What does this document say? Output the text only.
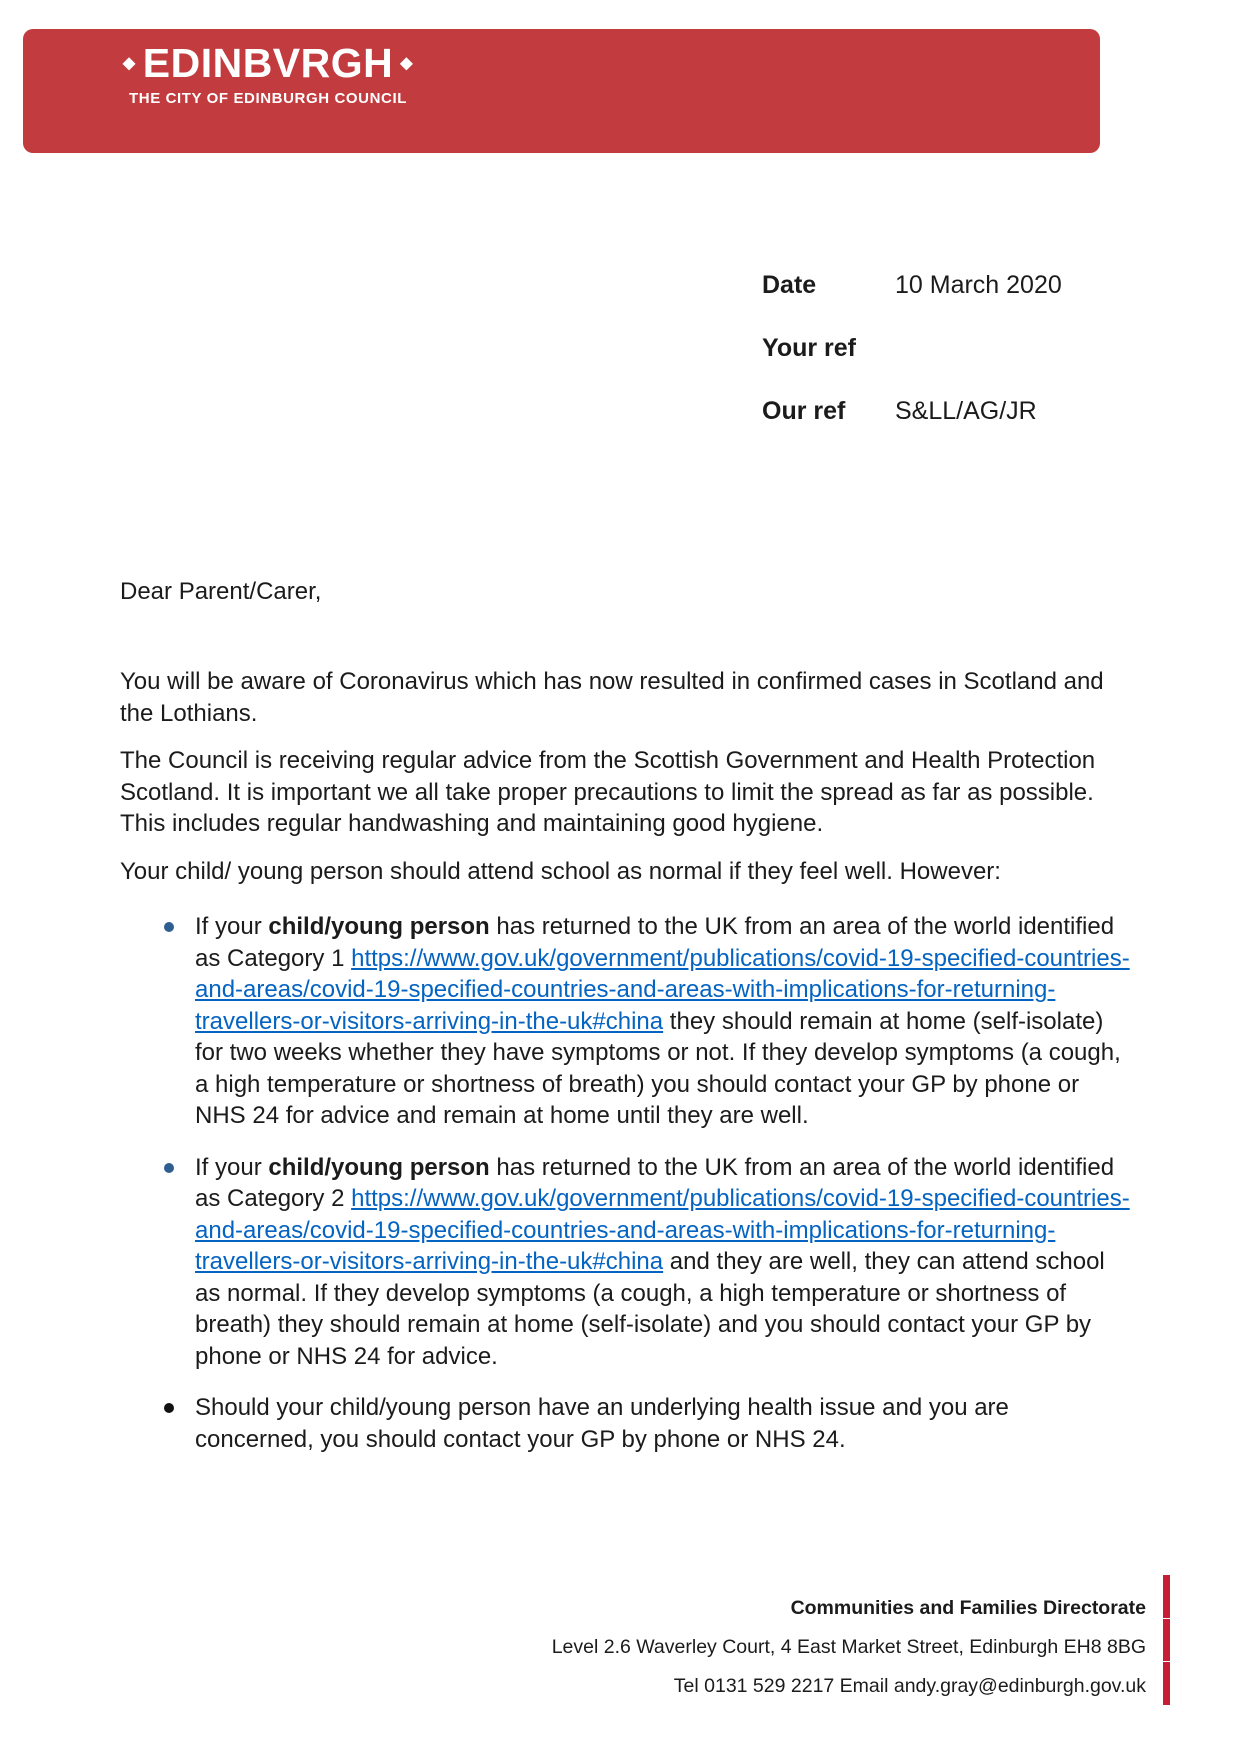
◆ EDINBVRGH ◆
THE CITY OF EDINBURGH COUNCIL
Date	10 March 2020
Your ref
Our ref	S&LL/AG/JR
Dear Parent/Carer,

You will be aware of Coronavirus which has now resulted in confirmed cases in Scotland and the Lothians.

The Council is receiving regular advice from the Scottish Government and Health Protection Scotland. It is important we all take proper precautions to limit the spread as far as possible. This includes regular handwashing and maintaining good hygiene.

Your child/ young person should attend school as normal if they feel well. However:

If your child/young person has returned to the UK from an area of the world identified as Category 1 https://www.gov.uk/government/publications/covid-19-specified-countries-and-areas/covid-19-specified-countries-and-areas-with-implications-for-returning-travellers-or-visitors-arriving-in-the-uk#china they should remain at home (self-isolate) for two weeks whether they have symptoms or not. If they develop symptoms (a cough, a high temperature or shortness of breath) you should contact your GP by phone or NHS 24 for advice and remain at home until they are well.
If your child/young person has returned to the UK from an area of the world identified as Category 2 https://www.gov.uk/government/publications/covid-19-specified-countries-and-areas/covid-19-specified-countries-and-areas-with-implications-for-returning-travellers-or-visitors-arriving-in-the-uk#china and they are well, they can attend school as normal. If they develop symptoms (a cough, a high temperature or shortness of breath) they should remain at home (self-isolate) and you should contact your GP by phone or NHS 24 for advice.
Should your child/young person have an underlying health issue and you are concerned, you should contact your GP by phone or NHS 24.
Communities and Families Directorate
Level 2.6 Waverley Court, 4 East Market Street, Edinburgh EH8 8BG
Tel 0131 529 2217 Email andy.gray@edinburgh.gov.uk
